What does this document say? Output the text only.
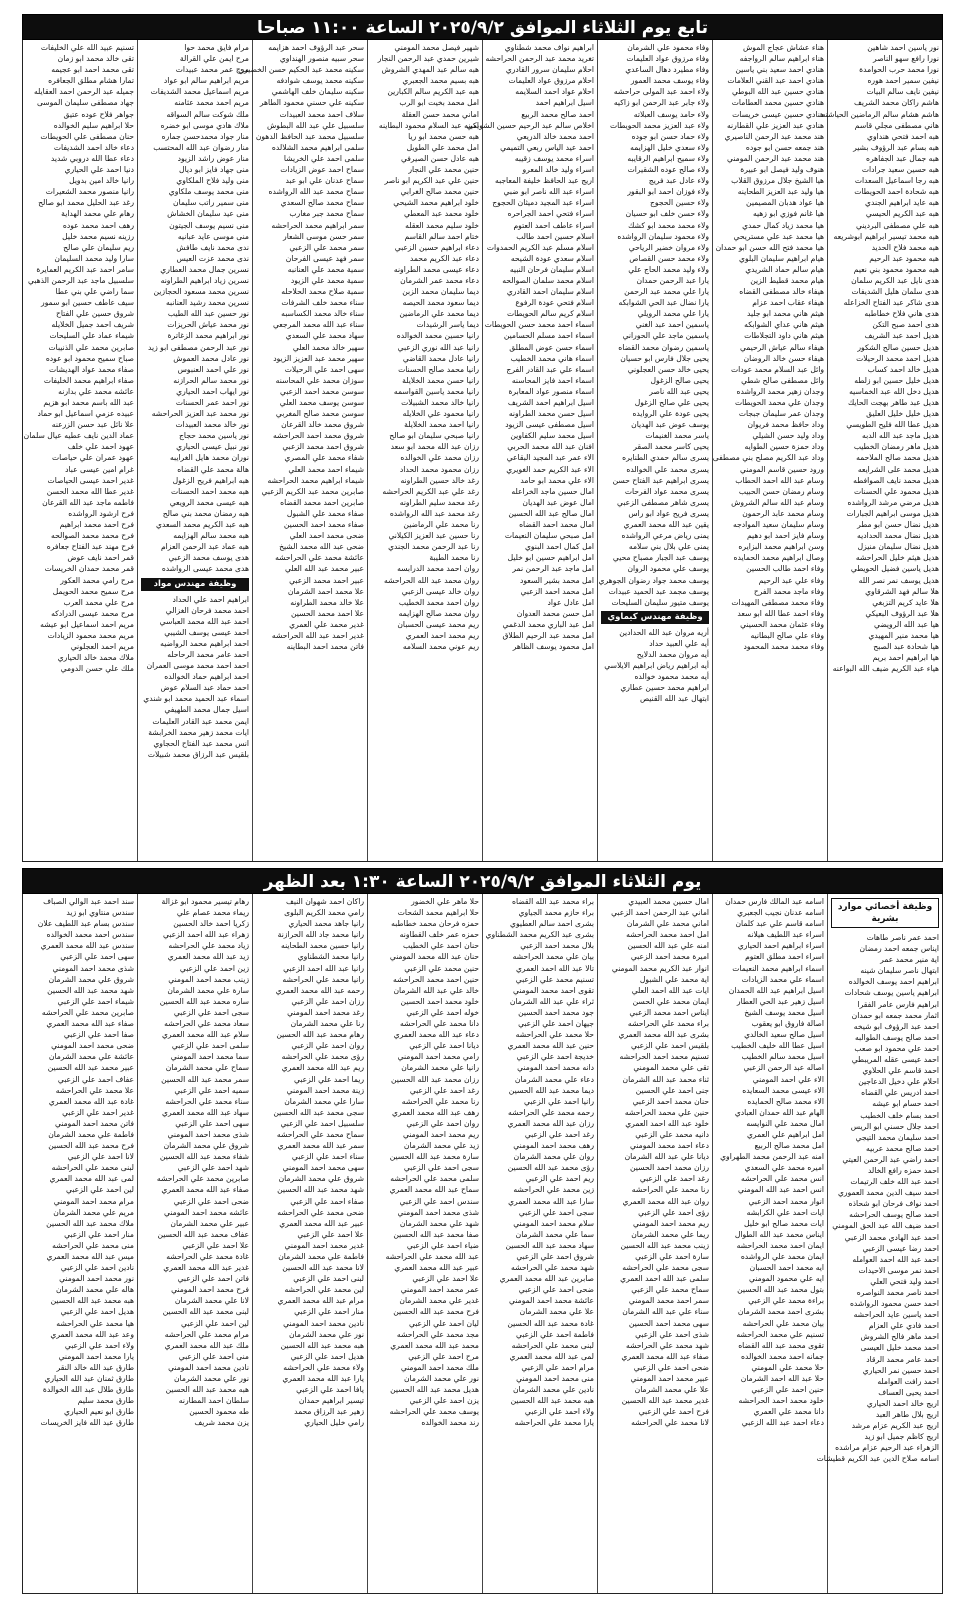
تابع يوم الثلاثاء الموافق ٢٠٢٥/٩/٢ الساعة ١١:٠٠ صباحا
نور ياسين احمد شاهين
نورا رافع سهو الناصر
نورا محمد حرب الحوامدة
نيفين سمير احمد هوره
نيفين نايف سالم البيات
هاشم راكان محمد الشريف
هاشم هشام سالم الرماضين الحياشنه
هاني مصطفى مجلي قاسم
هبه احمد فتحي هنداوي
هبه بسام عبد الرؤوف بشير
هبه جمال عبد الجفاهره
هبه حسين سعيد جرادات
هبه رجا اسماعيل السعدات
هبه شحادة احمد الحويطات
هبه عايد ابراهيم الجندي
هبه عبد الكريم الحيسي
هبه علي مصطفى البرديني
هبه محمد تيسير ابراهيم ابوشريعه
هبه محمد فلاح الحديد
هبه محمود عبد الرحيم
هبه محمود محمود بني نعيم
هدى نايل عبد الكريم سلمان
هدى سلمان هليل الشديفات
هدى شاكر عبد الفتاح الخزاعله
هدى هاني فلاح خطاطبه
هدى احمد صبح التكن
هديل احمد عبد الشريف
هديل حسين صالح الشكور
هديل احمد محمد الرحيلات
هديل خالد احمد كساب
هديل خليل حسين ابو زلطه
هديل دخل الله عبد الخماسيه
هديل عبد طاهر بهجت الحايك
هديل خليل خليل العليق
هديل عطا الله فليح الطويسي
هديل ماجد عبد الله الدبه
هديل ماهر رمضان الخطيب
هديل محمد صالح الملاحمه
هديل محمد على الشرايعه
هديل محمد نايف الصوافطه
هديل محمود علي الحسنات
هديل مرضي مرشد الرواشده
هديل موسى ابراهيم الجبارات
هديل نضال حسن ابو مطر
هديل نضال محمد الحداديه
هديل نضال سليمان منيزل
هديل هيثم خليل الحراحشه
هديل ياسين فضيل الحويطي
هديل يوسف نمر نصر الله
هلا سالم فهد الشرقاوي
هلا عايد كريم التزبغي
هلا عبد الرؤوف البعيكي
هيا عبد الله الرويضي
هيا محمد منير المهيدي
هيا شحادة عبد الصبح
هيا ابراهيم احمد بريم
هياء عبد الكريم ضيف الله البواعنه
هناء عشاش عجاج الموش
هناء ابراهيم سالم الرواجفه
هنادي احمد سعيد بني ياسين
هنادي احمد عبد القني العلامات
هنادي حسين عبد الله البوطي
هنادي حسين محمد العطامات
هنادي حسين عيسى خريسات
هنادي عبد العزيز علي القطارنه
هند محمد عبد الرحمن الناصيري
هند جمعه حسن ابو جوده
هند محمد عبد الرحمن المومني
هنوف وليد فيصل ابو عبيرة
هيا الشيخ جلال مرزوق القلاب
هيا وليد عبد العزيز الطحاينه
هيا عواد هدبان المصيمين
هيا غانم فوزي ابو زهيه
هيا محمد زياد كمال حمدي
هيا محمد عبد علي مستريحي
هيا محمد فتح الله حسن ابو حمدان
هيام ابراهيم سليمان البلوي
هيام سالم حماد الشريدي
هيام محمد قطيط الزين
هيفاء خالد مصطفى القضاه
هيفاء عقاب احمد عزام
هيثم هاني محمد ابو جليد
هيثم هاني عداي الشوابكه
هيثم هاني داود التجلاطات
هيفاء سالم عياش الرحيمي
هيفاء حسن خالد الروضان
وائل عبد السلام محمد عودات
وائل مصطفى صالح شطي
وجدان زهير محمد الرواشده
وجدان علي محمد الحويطات
وجدان عمر سليمان جبجات
وداد حافظ محمد فريوان
وداد وليد حسن الشيلي
وداد حمزة حسين الطوايه
وداد عبد الكريم مصلح بني مصطفى
ورود حسين قاسم المومني
وسام عبد الله احمد الحطاب
وسام رمضان حسن الحبيب
وسام عبد الله سالم الشروش
وسام محمد عابد الرحمون
وسام سليمان سعيد الموادجه
وسام فايز احمد ابو دهيم
وسن ابراهيم محمد البزايره
وصال ابراهيم محمد الحمايده
وفاء احمد طالب الحسين
وفاء علي عبد الرحيم
وفاء ماجد محمد الفرح
وفاء محمد مصطفى المهيدات
وفاء احمد عطا الله ابو سعد
وفاء عثمان محمد الحسيني
وفاء علي صالح البطانيه
وفاء محمد محمد المحمود
وفاء محمود علي الشرمان
وفاء مرزوق عواد العليمات
وفاء مطيرد دهال الساعدي
وفاء يوسف محمد العمور
ولاء احمد عبد المولى حراحشه
ولاء جابر عبد الرحمن ابو زاكيه
ولاء حامد يوسف العبلاته
ولاء عبد العزيز محمد الحويطات
ولاء حماد حسن ابو جوده
ولاء سعدي خليل الهزايمه
ولاء سميح ابراهيم الرقايبه
ولاء صالح عوده الشقيرات
ولاء عادل عبد فريج
ولاء فوزان احمد ابو البقور
ولاء حسين الحجوج
ولاء حسن خلف ابو حسيان
ولاء محمد محمد ابو كشك
ولاء محمود سليمان الرواشده
ولاء مروان خضير الرياحي
ولاء محمد حسن القصاص
ولاء وليد محمد الحاج علي
يارا عبد الرحمن حمدان
يارا علي محمد عبد الرحمن
يارا نضال عبد الحي الشوابكه
يارا علي محمد الرويلي
ياسمين احمد عبد الغني
ياسمين ماجد علي الحوراني
ياسمين رضوان محمد القضاه
يحيى جلال فارس ابو حسيان
يحيى خالد حسن العجلوني
يحيى صالح الزغول
يحيى عبد الله ناصر
يحيى علي صالح الزغول
يحيى عودة علي الروايده
يوسف عوض عبد الهديان
ياسر محمد الغنيمات
يحيى كاسر محمد الصقر
يسرى سالم حمدي الطنايره
يسرى محمد علي الخوالده
يسرى ابراهيم عبد الفتاح حسن
يسرى محمد عواد الفرحات
يسرى شاهر مصطفى الزعبي
يسرى فريح عواد ابو راس
يقين عبد الله محمد العمري
يمنى رياض مرعي الرواشده
يمنى علي بلال بني سلامه
يوسف عبد الجبار مصباح محيي
يوسف علي محمود الروان
يوسف محمد جواد رضوان الجوهري
يوسف مجمد عبد الحميد عبيدات
يوسف متيور سليمان السليحات
وظيفة مهندس كيماوي
أريه مروان عبد الله الحدادين
أيه علي العبيد حداد
أيه مروان محمد الدلايح
أيه ابراهيم رياض ابراهيم الايلاسي
أيه محمد محمود خوالده
ابراهيم محمد حسين عطاري
ابتهال عبد الله القنيص
ابراهيم نواف محمد شطناوي
تغريد محمد عبد الرحمن الحراحشه
احلام سليمان سرور القادري
احلام مرزوق عواد العليمات
احلام عواد احمد السلايمه
اسيل ابراهيم احمد
احمد صالح محمد الربيع
اخلاص سالم عبد الرحيم حسين الشويكي
احمد محمد خالد الدريعي
احمد عيد الياس ربعي التميمي
اسراء محمد يوسف زقيبه
اسراء وليد خالد المعرو
اريج عبد الحافظ خليفة المعاجبه
اسراء عبد الله ناصر ابو ضبي
اسراء عبد المجيد دميثان الحجوج
اسراء فتحي احمد الجراحره
اسراء عاطف احمد العتوم
اسلام حسين احمد طالب
اسلام مسلم عبد الكريم الحمدوات
اسلام سعدي عودة الشيحه
اسلام سليمان فرحان النبيه
اسلام محمد سلمان الصوالحه
اسلام سليمان احمد القادري
اسلام فتحي عودة الرفوع
اسلام كريم سالم الحويطات
اسماء احمد محمد حسن الحويطات
اسماء احمد مسلم الحسامين
اسماء حسن عوض المطلق
اسماء هاني محمد الخطيب
اسماء علي عبد القادر الفرج
اسماء احمد فايز المحاسنه
اسماء منصور عواد المعابرة
اسيل ابراهيم احمد الشريف
اسيل حسن محمد الطراونه
اسيل مصطفى عيسى الزيود
اسيل محمد سليم الكفاوين
افنان عبد الله محمد الحربي
الاء عمر عبد المجيد البقاعي
الاء عبد الكريم حمد الغويري
الاء علي محمد ابو حامد
امال حسين ماجد الخراعله
امال عوض عبد الهديان
امال صالح عبد الله الحسين
امال محمد احمد القضاه
امل صبحي سليمان النعيمات
امل كمال احمد البنوي
امل ابراهيم حسين ابو خليل
امل ماجد عبد الرحمن نمر
امل محمد بشير السعود
امل محمد احمد الزعبي
امل عادل عواد
امل حسن محمد العدوان
امل عبد الباري محمد الدغمي
امل محمد عبد الرحيم الطلاق
امل محمود يوسف الظاهر
شهير فيصل محمد المومني
شيرين حمدي عبد الرحمن النجار
هبه سالم عبد المهدي الشروش
هبه بسيم محمد الجعبري
هبه عبد الكريم سالم الكبارين
امل محمد بخيت ابو الرب
اماني محمد حسن العقلة
امينه عبد السلام محمود البطاينه
هبه حسن محمد ابو ريا
امل محمد علي الطويل
هبه عادل حسن الصيرفي
حنين محمد علي النجار
حنين علي عبد الكريم ابو ناصر
حنين محمد صالح الغرابي
خلود ابراهيم محمد الشيحي
خلود محمد عبد المعطي
خلود سليم محمد العقله
ختام احمد سالم القاسم
دعاء ابراهيم حسين الزعبي
دعاء عبد الكريم محمد
دعاء عيسى محمد الطراونه
دعاء محمد عمر الشرمان
ديما سليمان محمد الزبن
ديما سعود محمد الحيصه
ديما محمد علي الرماضين
ديما ياسر الرشيدات
رانيا حسين محمد الخوالده
رانيا عبد الله نوري الزعبي
رانيا عادل محمد القاضي
رانيا محمد صالح الحسنات
رانيا حسن محمد الخلايلة
رانيا محمد ياسين القواسمه
رانيا خالد محمد الشبيلات
رانيا محمود علي الخلايله
رانيا احمد محمد الخلايلة
رانيا صبحي سليمان ابو صالح
رزان عبد الله محمد ابو سعد
رزان محمد علي الخوالده
رزان محمود محمد الحداد
رغد خالد حسين الطراونه
رغد علي عبد الكريم الحراحشه
رغد محمد سليم الطراونه
رغد محمد عبد الله الرواشده
رنا محمد علي الرماضين
رنا حسين عبد العزيز الكيلاني
رنا عبد الرحمن محمد الجندي
رنا محمد الطيبة
روان احمد محمد الدرابسه
روان محمد عبد الله الحراحشه
روان خالد عيسى الزعبي
روان احمد محمد الخطيب
روان محمد صالح الهزايمه
ريم محمد عيسى الحسبان
ريم محمد احمد العمري
ريم عوني محمد السلامه
سحر عبد الرؤوف احمد هزايمه
سحر سبيه منصور الهنداوي
سكينه محمد عبد الحكيم حسن الخضيري
سكينه محمد يوسف شوادفه
سكينه سليمان خلف الهاشمي
سكينه علي حسني محمود الطاهر
سلاف احمد محمد العبيدات
سلسبيل علي عبد الله البطوش
سلسبيل محمد عبد الحافظ الدهون
سلمى ابراهيم محمد الشلالده
سلمى احمد علي الخريشا
سماح احمد عوض الزيادات
سماح عدنان علي ابو عبد
سماح محمد عبد الله الرواشده
سماح محمد صالح السعدي
سماح محمد جبر مغارب
سمر ابراهيم محمد الحراحشه
سمر حسن موسى الشعار
سمر محمد علي الزعبي
سمر فهد عيسى الفرحان
سمية محمد علي العنانبه
سمية محمد علي الزيود
سمية صلاح محمد الحلاحله
سناء محمد خلف الشرفات
سناء خالد محمد الكساسبه
سناء عبد الله محمد المرجعي
سهاد محمد علي السعدي
سهير خالد محمد العلي
سهير محمد عبد العزيز الزيود
سهى احمد علي الرحيلات
سوزان محمد علي المحاسنه
سوسن محمد احمد الزعبي
سوسن يوسف محمد العلي
سوسن محمد صالح المغربي
شروق محمد خالد القرعان
شروق محمد احمد الحراحشه
شروق احمد محمد الزعبي
شفاء محمد علي المصري
شيماء احمد محمد العلي
شيماء ابراهيم محمد الحراحشه
صابرين محمد عبد الكريم الزعبي
صابرين احمد محمد القضاه
صفاء محمد علي الشبول
صفاء محمد احمد الحسين
ضحى محمد احمد العلي
ضحى عبد الله محمد الشيخ
عائشة محمد علي الحراحشه
عبير محمد عبد الله العلي
عبير احمد محمد الزعبي
علا محمد احمد الشرمان
علا خالد محمد الطراونه
علا احمد محمد الحسين
غدير محمد علي العمري
غدير احمد عبد الله الحراحشه
فاتن محمد احمد البطاينه
مرام فايق محمد حوا
مرح ايمن علي القرالة
مرح عمر محمد عبيدات
مريم ابراهيم سالم ابو عواد
مريم اسماعيل محمد الشديفات
مريم احمد محمد عثامنه
ملك شوكت سالم السواقه
ملاك هادي موسى ابو خضره
منار جواد محمدحسن جماره
منار رضوان عبد الله المحتسب
منار عوض راشد الزيود
منى جهاد فايز ابو ديال
منى وليد فلاح الملكاوي
منى محمد يوسف ملكاوي
منى سمير راتب سليمان
منى عيد سليمان الخشاش
منى نسيم يوسف الجيتون
منى موسى عايد عبانيه
ندى محمد نايف طافش
ندى محمد عزت العيس
نسرين جمال محمد العطاري
نسرين زياد ابراهيم الطراونه
نسرين محمد مسعود الحجازين
نسرين محمد رشيد العنانبه
نور حسين عبد الله الطيب
نور محمد عياش الحريزات
نور ابراهيم محمد الزغاترة
نور عبد الرحمن مصطفى ابو زيد
نور عادل محمد العموش
نور علي احمد العنبوس
نور محمد سالم الحرازنه
نور ايهاب احمد الحياري
نور احمد عمر الحسنات
نور محمد عبد العزيز الحراحشه
نور خالد محمد العبيدات
نور ياسين محمد حجاج
نور نبيل عيسى الحياري
نوران محمد هايل الغرايبه
هالة محمد علي القضاه
هبه ابراهيم فريح الزغول
هبه محمد احمد الحسنات
هبه عيسى محمد الرويعي
هبه رمضان محمد بني صالح
هبه عبد الكريم محمد السعدي
هبه محمد سالم الهزايمه
هبه عماد عبد الرحمن العزام
هدى يوسف محمد الزعبي
هدى محمد عيسى الرواشده
وظيفة مهندس مواد
ابراهيم احمد علي الحداد
احمد محمد فرحان الغزالي
احمد عبد الله محمد العباسي
احمد عيسى يوسف الشيبي
احمد ابراهيم محمد الرواضيه
احمد عامر محمد الرحاحله
احمد احمد محمد موسى العمران
احمد ابراهيم حماد الخوالده
احمد حماد عبد السلام عوض
اسماء عبد الحميد محمد ابو شندي
اسيل جمال محمد الطهيفي
ايمن محمد عبد القادر العليمات
ايات محمد زهير محمد الخرابشة
انس محمد عبد الفتاح الحجاوي
بلقيس عبد الرزاق محمد شبيلات
تسنيم عبيد الله علي الخليفات
تقى خالد محمد ابو زمان
تقى محمد احمد ابو عجيمه
تمارا هشام مطلق الجعافره
جميله عبد الرحمن احمد العقايله
جهاد مصطفى سليمان الموسى
جواهر فلاح عوده عتيق
حلا ابراهيم سليم الخوالده
حنان مصطفى علي الحويطات
دعاء خالد احمد الشديفات
دعاء عطا الله دروبي شديد
دنيا احمد علي الحياري
رانيا خالد امين بدويل
رانيا منصور محمد الشعيرات
رغد عبد الحليل محمد ابو صالح
رهام علي محمد الهداية
رهف احمد محمد عوده
رزينه نسيم محمد خليل
ريم سليمان علي صالح
سارا وليد محمد السليمان
سامر احمد عبد الكريم العمايرة
سلسبيل ماجد عبد الرحمن الذهبي
سما راضي علي بني عطا
سيف عاطف حسين ابو سمور
شروق حسين علي الفتاح
شريف احمد جميل الخلايله
شيماء عماد علي السليحات
صابرين محمد علي الذنيبات
صباح سميح محمود ابو عوده
صفاء محمد عواد الهديشات
صفاء ابراهيم محمد الخليفات
عائشه محمد علي بدارنه
عبد الله باسم محمد ابو هزيم
عبيده عزمي اسماعيل ابو حماد
علا نائل عبد حسن الزرعنه
عماد الدين نايف عطيه عيال سلمان
عهود احمد علي خلف
عهود عمران علي حياصات
غرام امين عيسى عباد
غدير احمد عيسى الحياصات
غدير عطا الله محمد الحسن
فاطمه ماجد عبد الله القرعان
فرح ارشود الرواشده
فرح احمد محمد ابراهيم
فرح محمد محمد الصوالحه
فرح مهند عبد الفتاح جعافره
قمر احمد نايف عوض
قمر محمد حمدان الخريسات
مرح رامي محمد العكور
مرح سميح محمد الحويمل
مرح علي محمد العرب
مرح محمد عيسى الدرادكه
مريم احمد اسماعيل ابو عيشه
مريم محمد محمود الزيادات
مريم احمد العجلوني
ملاك محمد خالد الحياري
ملك علي حسن الدومي
يوم الثلاثاء الموافق ٢٠٢٥/٩/٢ الساعة ١:٣٠ بعد الظهر
وظيفة أخصائي موارد بشرية
احمد عمر ناصر طاهات
ايناس جمعه احمد رمضان
اية منير محمد عمر
ابتهال ناصر سليمان شينه
ابراهيم احمد يوسف الخوالده
ابراهيم ياسين يوسف شحادات
ابراهيم فارس عامر الفقرا
اثمار محمد جمعه ابو حمدان
احمد عبد الرؤوف ابو شيخه
احمد صالح يوسف الطوالبه
احمد علي محمود ابو صعب
احمد عيسى عقله المريبطي
احمد قاسم علي الحلاوي
احلام علي دخيل الدعاجين
احمد ادريس علي القضاه
احمد حسام ابو عيشه
احمد بسام خلف الخطيب
احمد جلال حسني ابو الريس
احمد سليمان محمد التيجي
احمد صالح محمد عربيه
احمد راضي عبد الرحمن العيتي
احمد حمزه رافع الخالد
احمد عبد الله خلف الرتيمات
احمد سيف الدين محمد العموري
احمد نواف فرحان ابو شحاذه
احمد صالح يوسف الحراحشه
احمد ضيف الله عبد الحق المومني
احمد عبد الهادي محمد الزعبي
احمد رضا عيسى الزعبي
احمد عبد الله احمد العوامله
احمد نمر موسى الاحيدات
احمد وليد فتحي العلي
احمد ناصر محمد النواصره
احمد حسن محمود الرواشده
احمد ياسين عايد الحراحشه
احمد فادي علي العزام
احمد ماهر فالح الشروش
احمد محمد خليل العيسى
احمد عامر محمد الرقاد
احمد حسين نمر الحياري
احمد رافت العوامله
احمد يحيى العساف
اريج خالد احمد الحياري
اريج بلال طاهر العبد
اريج عبد الكريم عزام مرشد
اريج كاظم جميل ابو زيد
الزهراء عبد الرحيم عزام مراشده
اسامه صلاح الدين عبد الكريم قطيشات
اسامه عبد المالك فارس حمدان
اسامه عدنان نجيب الجعبري
اسامه قاسم علي عبد كلمان
اسراء عبد اللطيف هيلانه
اسراء ابراهيم احمد الحياري
اسراء احمد مطلق العتوم
اسماء ابراهيم محمد النعيمات
اسماء علي محمد الزيادات
اسيل ابراهيم عبد الله الحمدان
اسيل زهير عبد الحي العطار
اسيل محمد يوسف الشيخ
اصالة فاروق ابو يعقوب
اسيل صالح سعيد الخالدي
اسيل عطا الله خليف الخطيب
اسيل محمد سالم الخطيب
اصاله عبد الرحمن الزعبي
الاء علي احمد المومني
الاء عيسى محمد السعايده
الاء محمد صالح الحمايده
الهام عبد الله حمدان العبادي
امال محمد علي النوايسه
امل ابراهيم علي العمري
امل محمد صالح الربيع
امنه عبد الرحمن محمد الطهراوي
اميره محمد علي السعدي
انس محمد علي الحراحشه
انس احمد عبد الله المومني
انوار محمد احمد الزعبي
ايات احمد علي الكرابشه
ايات محمد صالح ابو خليل
ايناس محمد عبد الله الطوال
ايمان احمد محمد الحراحشه
ايمان محمد علي الرواشده
ايه محمد احمد الحسبان
ايه علي محمود المومني
بتول محمد عبد الله الحسين
براءة محمد علي الزعبي
بشرى احمد محمد الشرمان
بيان محمد علي الحراحشه
تسنيم علي محمد الحراحشه
تقوى محمد عبد الله القضاه
جمانه احمد محمد الخوالده
حلا محمد علي المومني
حلا عبد الله احمد الشرمان
حنين احمد علي الزعبي
خلود محمد احمد الحراحشه
دانا محمد علي العمري
دعاء احمد عبد الله الزعبي
امال حسين محمد العبيدي
اماني عبد الرحمن احمد الزعبي
اماني محمد علي الشرمان
امل احمد محمد الحراحشه
امنه علي عبد الله الحسين
اميرة محمد احمد الزعبي
انوار عبد الكريم محمد المومني
اية محمد علي الشبول
ايات عبد الله احمد العلي
ايمان محمد علي الحسن
ايناس احمد محمد الزعبي
براء محمد علي الحراحشه
بشرى عبد الله محمد العمري
بلقيس احمد علي الزعبي
تسنيم محمد احمد الحراحشه
تقى علي محمد المومني
ثناء محمد عبد الله الشرمان
جنى احمد علي الحسين
حنان محمد احمد الزعبي
حنين علي محمد الحراحشه
خلود عبد الله احمد العمري
دانيه محمد علي الزعبي
دعاء احمد محمد المومني
ديانا علي عبد الله الشرمان
رزان محمد احمد الحسين
رغد احمد علي الزعبي
رنا محمد علي الحراحشه
روان عبد الله محمد العمري
رؤى احمد علي الزعبي
ريم محمد احمد المومني
ريما علي محمد الشرمان
زينب محمد عبد الله الحسين
سارة احمد علي الزعبي
سجى محمد علي الحراحشه
سلمى عبد الله احمد العمري
سماح محمد علي الزعبي
سمر احمد محمد المومني
سناء علي عبد الله الشرمان
سهى محمد احمد الحسين
شذى احمد علي الزعبي
شهد محمد علي الحراحشه
صفاء عبد الله محمد العمري
ضحى احمد علي الزعبي
عبير محمد احمد المومني
علا علي محمد الشرمان
غدير محمد عبد الله الحسين
فرح احمد علي الزعبي
لانا محمد علي الحراحشه
براء محمد عبد الله القضاه
براء حازم محمد الجياوي
بشرى احمد سالم العطيوي
بشرى عبد الكريم محمد الشطناوي
بلال محمد احمد الزعبي
بيان علي محمد الحراحشه
تالا عبد الله احمد العمري
تسنيم محمد علي الزعبي
تقوى احمد محمد المومني
ثراء علي عبد الله الشرمان
جود محمد احمد الحسين
جيهان احمد علي الزعبي
حلا محمد علي الحراحشه
حنين عبد الله محمد العمري
خديجة احمد علي الزعبي
دانه محمد احمد المومني
دعاء علي محمد الشرمان
ديما محمد عبد الله الحسين
رانيا احمد علي الزعبي
رحمه محمد علي الحراحشه
رزان عبد الله محمد العمري
رغد احمد علي الزعبي
رهف محمد احمد المومني
روان علي محمد الشرمان
رؤى محمد عبد الله الحسين
ريم احمد علي الزعبي
زين محمد علي الحراحشه
سارا عبد الله محمد العمري
سجى احمد علي الزعبي
سلام محمد احمد المومني
سما علي محمد الشرمان
سهاد محمد عبد الله الحسين
شروق احمد علي الزعبي
شهد محمد علي الحراحشه
صابرين عبد الله محمد العمري
ضحى احمد علي الزعبي
عائشة محمد احمد المومني
علا علي محمد الشرمان
غادة محمد عبد الله الحسين
فاطمة احمد علي الزعبي
لبنى محمد علي الحراحشه
لمى عبد الله محمد العمري
مرام احمد علي الزعبي
منى محمد احمد المومني
نادين علي محمد الشرمان
هبه محمد عبد الله الحسين
ولاء احمد علي الزعبي
يارا محمد علي الحراحشه
حلا ماهر علي الخضور
حلا ابراهيم محمد الشحات
حمزه فرحان محمد خطاطبه
حمزه عمر خلف القطاونه
حنان احمد علي الخطيب
حنان عبد الله محمد المومني
حنين محمد علي الزعبي
حنين احمد محمد الحراحشه
خالد علي عبد الله الشرمان
خلود محمد احمد الحسين
خوله احمد علي الزعبي
دانا محمد علي الحراحشه
دعاء عبد الله محمد العمري
ديانا احمد علي الزعبي
رامي محمد احمد المومني
رانيا علي محمد الشرمان
رزان محمد عبد الله الحسين
رغد احمد علي الزعبي
رنا محمد علي الحراحشه
رهف عبد الله محمد العمري
روان احمد علي الزعبي
ريم محمد احمد المومني
زيد علي محمد الشرمان
سارة محمد عبد الله الحسين
سجى احمد علي الزعبي
سلمى محمد علي الحراحشه
سماح عبد الله محمد العمري
سندس احمد علي الزعبي
شذى محمد احمد المومني
شهد علي محمد الشرمان
صفا محمد عبد الله الحسين
ضياء احمد علي الزعبي
عبد الله محمد علي الحراحشه
عبير عبد الله محمد العمري
علا احمد علي الزعبي
عمر محمد احمد المومني
غدير علي محمد الشرمان
فرح محمد عبد الله الحسين
ليان احمد علي الزعبي
مجد محمد علي الحراحشه
محمد عبد الله محمد العمري
مرح احمد علي الزعبي
ملك محمد احمد المومني
نور علي محمد الشرمان
هديل محمد عبد الله الحسين
يزن احمد علي الزعبي
يوسف محمد علي الحراحشه
رند محمد الخوالده
راكان احمد شهوان النيف
رامي محمد الكريم البلوى
رانيا جاهد محمد الحياري
رانيا محمد جاد الله الحرازنة
رانيا حسين محمد الطحاينه
رانيا محمد الشطناوي
رانيا عبد الله احمد الزعبي
رانيا محمد علي الحراحشه
رحمه عبد الله محمد العمري
رزان احمد علي الزعبي
رغد محمد احمد المومني
رنا علي محمد الشرمان
رهام محمد عبد الله الحسين
روان احمد علي الزعبي
رؤى محمد علي الحراحشه
ريم عبد الله محمد العمري
ريما احمد علي الزعبي
زينة محمد احمد المومني
سارا علي محمد الشرمان
سجى محمد عبد الله الحسين
سلسبيل احمد علي الزعبي
سماح محمد علي الحراحشه
سمر عبد الله محمد العمري
سناء احمد علي الزعبي
سهى محمد احمد المومني
شروق علي محمد الشرمان
شهد محمد عبد الله الحسين
صفاء احمد علي الزعبي
ضحى محمد علي الحراحشه
عبير عبد الله محمد العمري
علا احمد علي الزعبي
غدير محمد احمد المومني
فاطمة علي محمد الشرمان
لانا محمد عبد الله الحسين
لبنى احمد علي الزعبي
لين محمد علي الحراحشه
مرام عبد الله محمد العمري
منار احمد علي الزعبي
نادين محمد احمد المومني
نور علي محمد الشرمان
هبه محمد عبد الله الحسين
هديل احمد علي الزعبي
ولاء محمد علي الحراحشه
يارا عبد الله محمد العمري
يافا احمد علي الزعبي
تيسير ابراهيم حمدان
زهير عبد الرزاق محمد
رامي خليل الحياري
رهام تيسير محمود ابو غزالة
ريماء محمد عصام علي
زكريا احمد خالد الحسين
زهراء عبد الله احمد الزعبي
زياد محمد علي الحراحشه
زيد عبد الله محمد العمري
زين احمد علي الزعبي
زينب محمد احمد المومني
سارة علي محمد الشرمان
ساره محمد عبد الله الحسين
سجى احمد علي الزعبي
سعاد محمد علي الحراحشه
سلام عبد الله محمد العمري
سلمى احمد علي الزعبي
سما محمد احمد المومني
سماح علي محمد الشرمان
سمر محمد عبد الله الحسين
سميه احمد علي الزعبي
سناء محمد علي الحراحشه
سهاد عبد الله محمد العمري
سهى احمد علي الزعبي
شذى محمد احمد المومني
شروق علي محمد الشرمان
شفاء محمد عبد الله الحسين
شهد احمد علي الزعبي
صابرين محمد علي الحراحشه
صفاء عبد الله محمد العمري
ضحى احمد علي الزعبي
عائشه محمد احمد المومني
عبير علي محمد الشرمان
عفاف محمد عبد الله الحسين
علا احمد علي الزعبي
غادة محمد علي الحراحشه
غدير عبد الله محمد العمري
فاتن احمد علي الزعبي
فرح محمد احمد المومني
لانا علي محمد الشرمان
لبنى محمد عبد الله الحسين
لين احمد علي الزعبي
مرام محمد علي الحراحشه
ملك عبد الله محمد العمري
منى احمد علي الزعبي
نادين محمد احمد المومني
نور علي محمد الشرمان
هبه محمد عبد الله الحسين
سلطان احمد المطارنه
طه محمود الحسين
يزن محمد شريف
سند احمد عبد الوالي الصباف
سندس منتاوي ابو زيد
سندس بسام عبد اللطيف علان
سندس احمد محمد الخوالده
سندس عبد الله محمد العمري
سهى احمد علي الزعبي
شذى محمد احمد المومني
شروق علي محمد الشرمان
شهد محمد عبد الله الحسين
شيماء احمد علي الزعبي
صابرين محمد علي الحراحشه
صفاء عبد الله محمد العمري
صفا احمد علي الزعبي
ضحى محمد احمد المومني
عائشة علي محمد الشرمان
عبير محمد عبد الله الحسين
عفاف احمد علي الزعبي
علا محمد علي الحراحشه
غادة عبد الله محمد العمري
غدير احمد علي الزعبي
فاتن محمد احمد المومني
فاطمة علي محمد الشرمان
فرح محمد عبد الله الحسين
لانا احمد علي الزعبي
لبنى محمد علي الحراحشه
لمى عبد الله محمد العمري
لين احمد علي الزعبي
مرام محمد احمد المومني
مريم علي محمد الشرمان
ملاك محمد عبد الله الحسين
منار احمد علي الزعبي
منى محمد علي الحراحشه
ميس عبد الله محمد العمري
نادين احمد علي الزعبي
نور محمد احمد المومني
هاله علي محمد الشرمان
هبه محمد عبد الله الحسين
هديل احمد علي الزعبي
هيا محمد علي الحراحشه
وعد عبد الله محمد العمري
ولاء احمد علي الزعبي
يارا محمد احمد المومني
طارق عبد الله خالد النقر
طارق ثمنان عبد الله الحياري
طارق طلال عبد الله الخوالدة
طارق محمد سليم
طارق ابو نعيم الحياري
طارق عبد الله فايز الخريسات
